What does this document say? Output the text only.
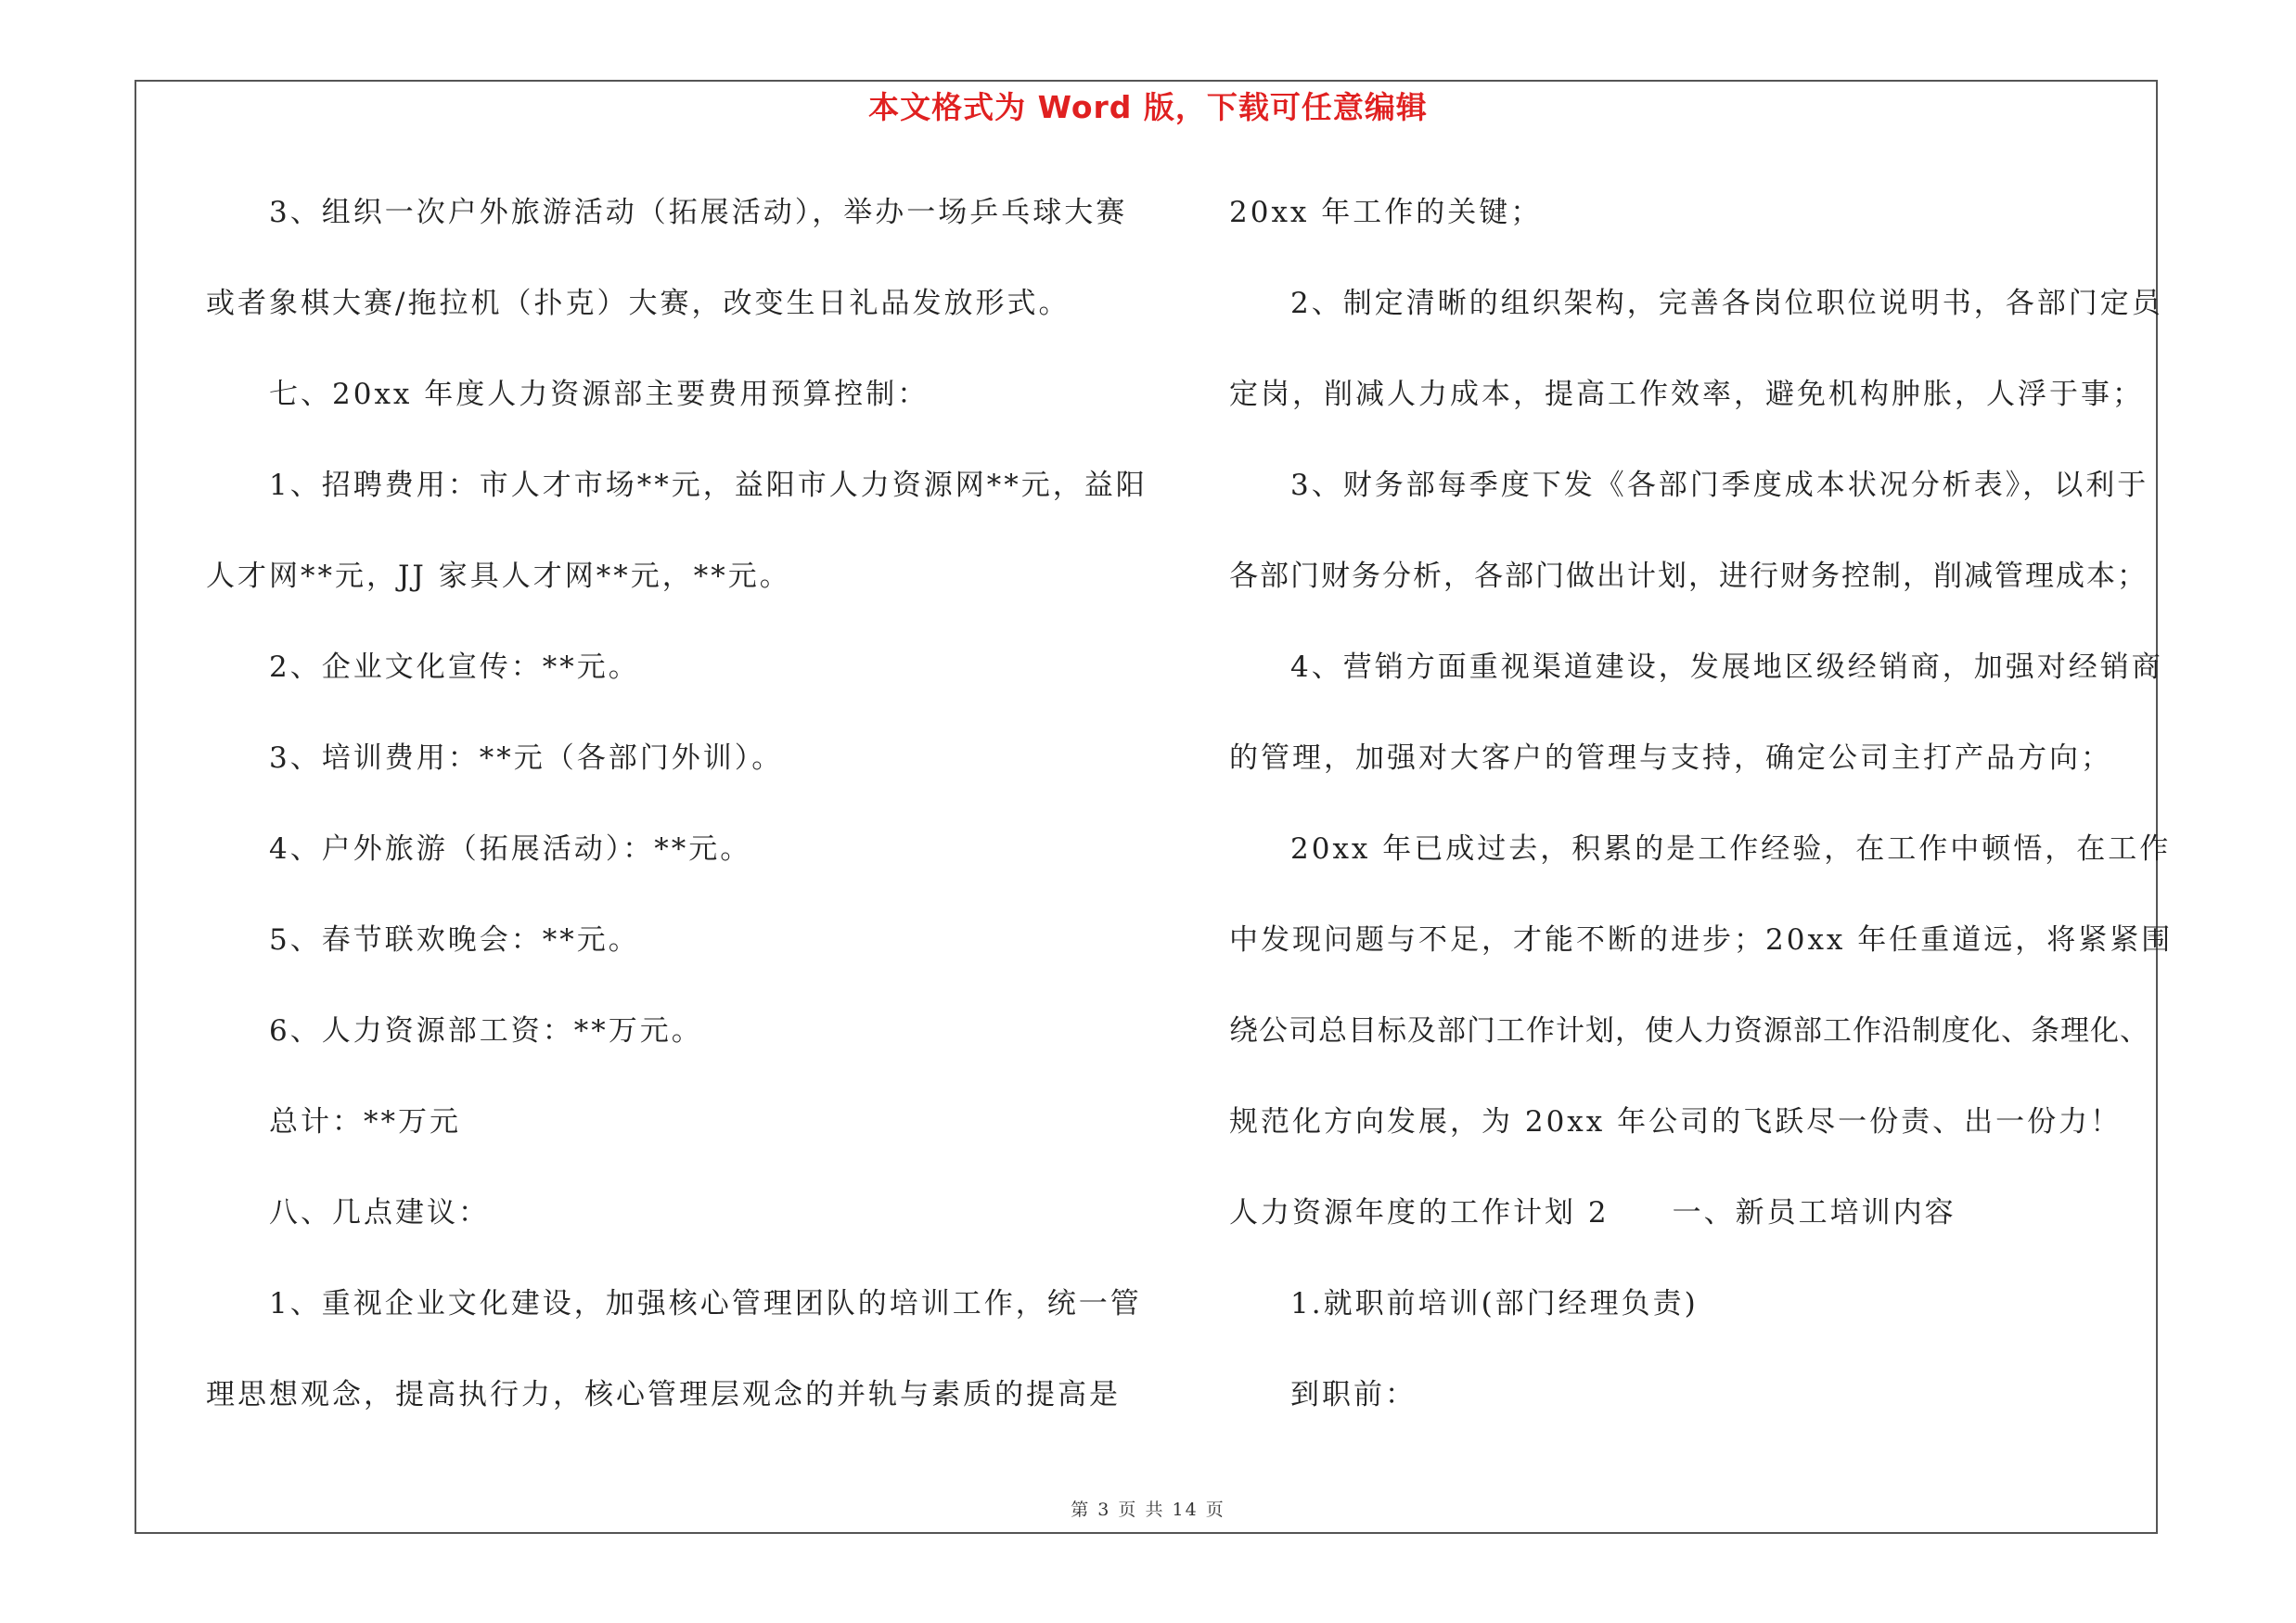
本文格式为 Word 版，下载可任意编辑
3、组织一次户外旅游活动（拓展活动），举办一场乒乓球大赛
或者象棋大赛/拖拉机（扑克）大赛，改变生日礼品发放形式。
七、20xx 年度人力资源部主要费用预算控制：
1、招聘费用：市人才市场**元，益阳市人力资源网**元，益阳
人才网**元，JJ 家具人才网**元，**元。
2、企业文化宣传：**元。
3、培训费用：**元（各部门外训）。
4、户外旅游（拓展活动）：**元。
5、春节联欢晚会：**元。
6、人力资源部工资：**万元。
总计：**万元
八、几点建议：
1、重视企业文化建设，加强核心管理团队的培训工作，统一管
理思想观念，提高执行力，核心管理层观念的并轨与素质的提高是
20xx 年工作的关键；
2、制定清晰的组织架构，完善各岗位职位说明书，各部门定员
定岗，削减人力成本，提高工作效率，避免机构肿胀，人浮于事；
3、财务部每季度下发《各部门季度成本状况分析表》，以利于
各部门财务分析，各部门做出计划，进行财务控制，削减管理成本；
4、营销方面重视渠道建设，发展地区级经销商，加强对经销商
的管理，加强对大客户的管理与支持，确定公司主打产品方向；
20xx 年已成过去，积累的是工作经验，在工作中顿悟，在工作
中发现问题与不足，才能不断的进步；20xx 年任重道远，将紧紧围
绕公司总目标及部门工作计划，使人力资源部工作沿制度化、条理化、
规范化方向发展，为 20xx 年公司的飞跃尽一份责、出一份力！
人力资源年度的工作计划 2　　一、新员工培训内容
1.就职前培训(部门经理负责)
到职前：
第 3 页 共 14 页
